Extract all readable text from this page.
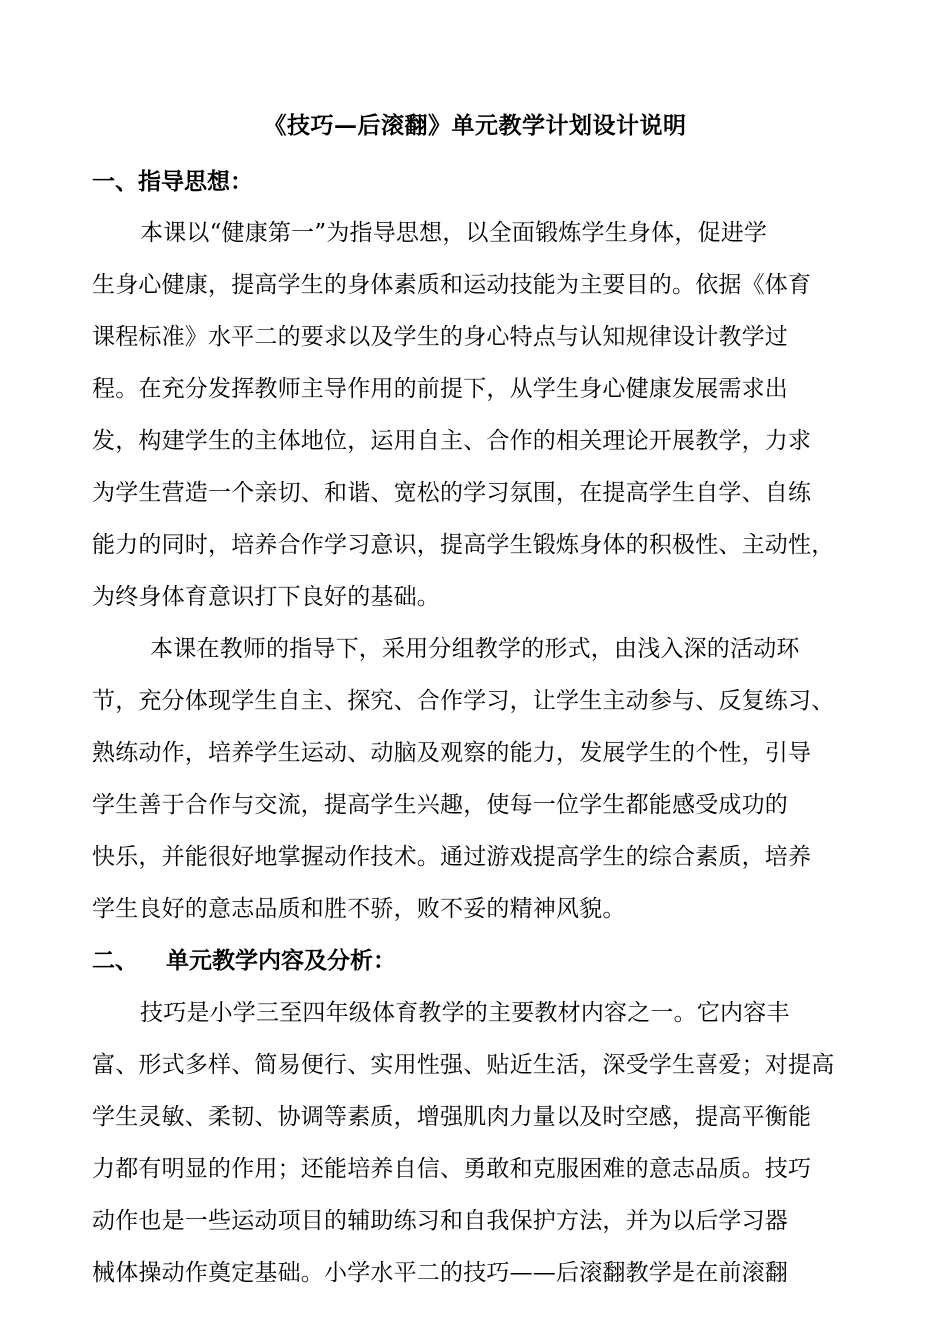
《技巧—后滚翻》单元教学计划设计说明
一、指导思想：
本课以“健康第一”为指导思想，以全面锻炼学生身体，促进学
生身心健康，提高学生的身体素质和运动技能为主要目的。依据《体育
课程标准》水平二的要求以及学生的身心特点与认知规律设计教学过
程。在充分发挥教师主导作用的前提下，从学生身心健康发展需求出
发，构建学生的主体地位，运用自主、合作的相关理论开展教学，力求
为学生营造一个亲切、和谐、宽松的学习氛围，在提高学生自学、自练
能力的同时，培养合作学习意识，提高学生锻炼身体的积极性、主动性，
为终身体育意识打下良好的基础。
本课在教师的指导下，采用分组教学的形式，由浅入深的活动环
节，充分体现学生自主、探究、合作学习，让学生主动参与、反复练习、
熟练动作，培养学生运动、动脑及观察的能力，发展学生的个性，引导
学生善于合作与交流，提高学生兴趣，使每一位学生都能感受成功的
快乐，并能很好地掌握动作技术。通过游戏提高学生的综合素质，培养
学生良好的意志品质和胜不骄，败不妥的精神风貌。
二、 单元教学内容及分析：
技巧是小学三至四年级体育教学的主要教材内容之一。它内容丰
富、形式多样、简易便行、实用性强、贴近生活，深受学生喜爱；对提高
学生灵敏、柔韧、协调等素质，增强肌肉力量以及时空感，提高平衡能
力都有明显的作用；还能培养自信、勇敢和克服困难的意志品质。技巧
动作也是一些运动项目的辅助练习和自我保护方法，并为以后学习器
械体操动作奠定基础。小学水平二的技巧——后滚翻教学是在前滚翻
